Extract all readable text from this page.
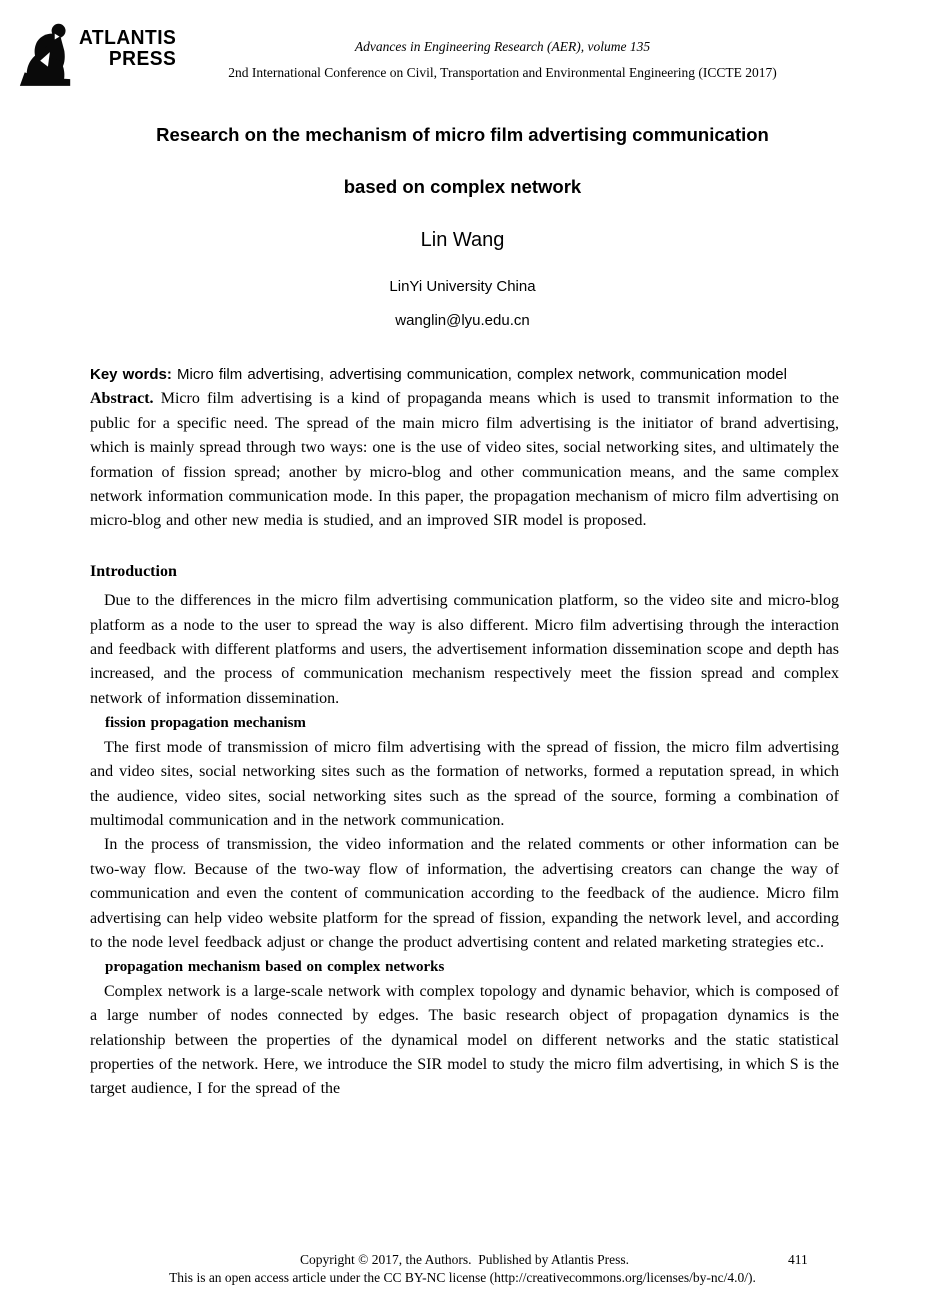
ATLANTIS
PRESS
Advances in Engineering Research (AER), volume 135
2nd International Conference on Civil, Transportation and Environmental Engineering (ICCTE 2017)
Research on the mechanism of micro film advertising communication
based on complex network
Lin Wang
LinYi University China
wanglin@lyu.edu.cn

Key words: Micro film advertising, advertising communication, complex network, communication model

Abstract. Micro film advertising is a kind of propaganda means which is used to transmit information to the public for a specific need. The spread of the main micro film advertising is the initiator of brand advertising, which is mainly spread through two ways: one is the use of video sites, social networking sites, and ultimately the formation of fission spread; another by micro-blog and other communication means, and the same complex network information communication mode. In this paper, the propagation mechanism of micro film advertising on micro-blog and other new media is studied, and an improved SIR model is proposed.

Introduction

Due to the differences in the micro film advertising communication platform, so the video site and micro-blog platform as a node to the user to spread the way is also different. Micro film advertising through the interaction and feedback with different platforms and users, the advertisement information dissemination scope and depth has increased, and the process of communication mechanism respectively meet the fission spread and complex network of information dissemination.

fission propagation mechanism

The first mode of transmission of micro film advertising with the spread of fission, the micro film advertising and video sites, social networking sites such as the formation of networks, formed a reputation spread, in which the audience, video sites, social networking sites such as the spread of the source, forming a combination of multimodal communication and in the network communication.

In the process of transmission, the video information and the related comments or other information can be two-way flow. Because of the two-way flow of information, the advertising creators can change the way of communication and even the content of communication according to the feedback of the audience. Micro film advertising can help video website platform for the spread of fission, expanding the network level, and according to the node level feedback adjust or change the product advertising content and related marketing strategies etc..

propagation mechanism based on complex networks

Complex network is a large-scale network with complex topology and dynamic behavior, which is composed of a large number of nodes connected by edges. The basic research object of propagation dynamics is the relationship between the properties of the dynamical model on different networks and the static statistical properties of the network. Here, we introduce the SIR model to study the micro film advertising, in which S is the target audience, I for the spread of the

Copyright © 2017, the Authors.  Published by Atlantis Press.	411
This is an open access article under the CC BY-NC license (http://creativecommons.org/licenses/by-nc/4.0/).
